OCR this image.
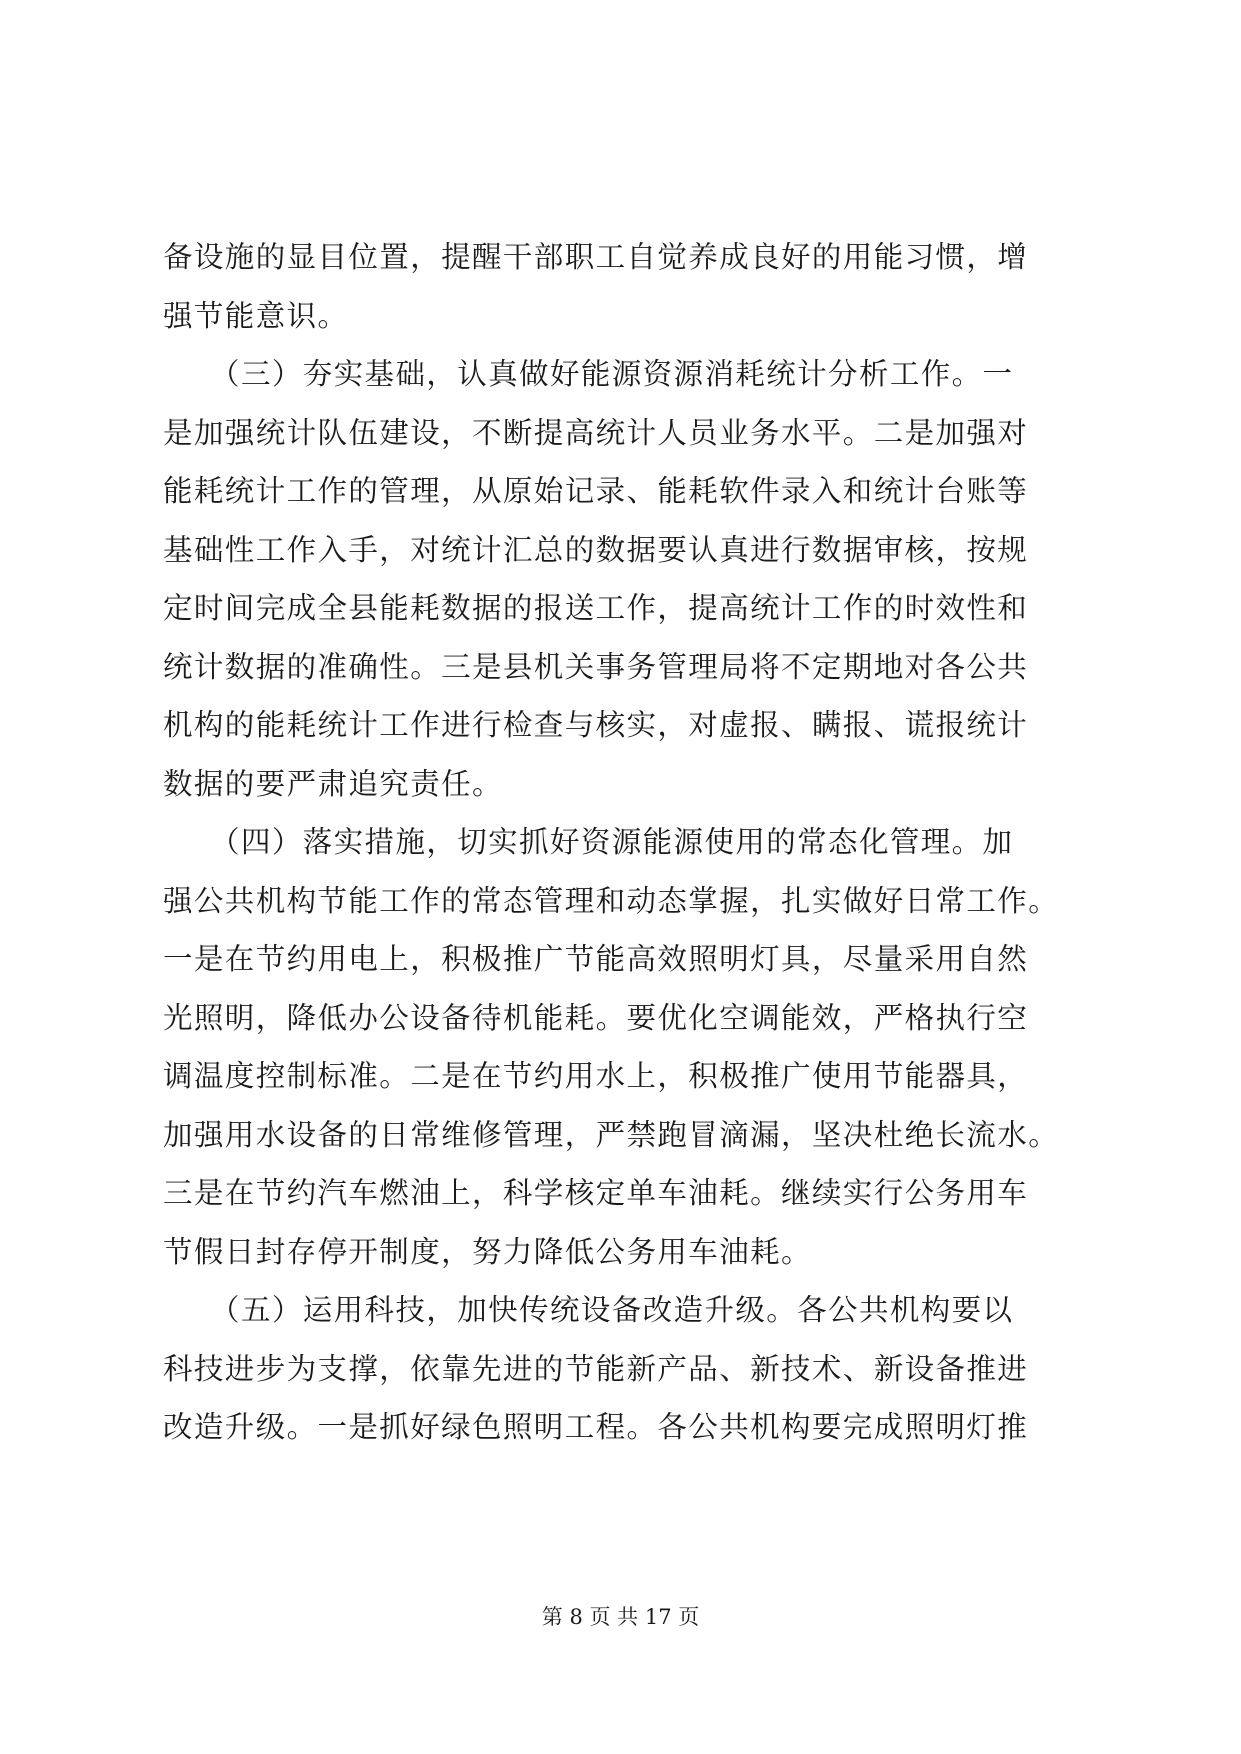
备设施的显目位置，提醒干部职工自觉养成良好的用能习惯，增
强节能意识。
　　（三）夯实基础，认真做好能源资源消耗统计分析工作。一
是加强统计队伍建设，不断提高统计人员业务水平。二是加强对
能耗统计工作的管理，从原始记录、能耗软件录入和统计台账等
基础性工作入手，对统计汇总的数据要认真进行数据审核，按规
定时间完成全县能耗数据的报送工作，提高统计工作的时效性和
统计数据的准确性。三是县机关事务管理局将不定期地对各公共
机构的能耗统计工作进行检查与核实，对虚报、瞒报、谎报统计
数据的要严肃追究责任。
　　（四）落实措施，切实抓好资源能源使用的常态化管理。加
强公共机构节能工作的常态管理和动态掌握，扎实做好日常工作。
一是在节约用电上，积极推广节能高效照明灯具，尽量采用自然
光照明，降低办公设备待机能耗。要优化空调能效，严格执行空
调温度控制标准。二是在节约用水上，积极推广使用节能器具，
加强用水设备的日常维修管理，严禁跑冒滴漏，坚决杜绝长流水。
三是在节约汽车燃油上，科学核定单车油耗。继续实行公务用车
节假日封存停开制度，努力降低公务用车油耗。
　　（五）运用科技，加快传统设备改造升级。各公共机构要以
科技进步为支撑，依靠先进的节能新产品、新技术、新设备推进
改造升级。一是抓好绿色照明工程。各公共机构要完成照明灯推
第 8 页 共 17 页
